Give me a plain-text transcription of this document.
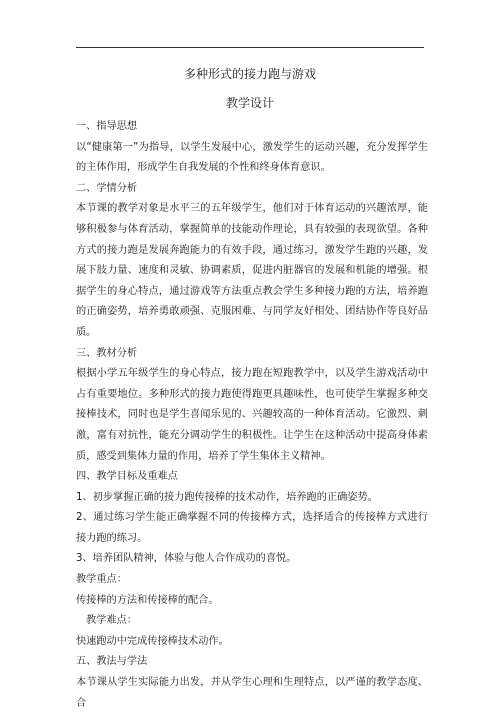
多种形式的接力跑与游戏
教学设计

一、指导思想

以“健康第一”为指导，以学生发展中心，激发学生的运动兴趣，充分发挥学生的主体作用，形成学生自我发展的个性和终身体育意识。

二、学情分析

本节课的教学对象是水平三的五年级学生，他们对于体育运动的兴趣浓厚，能够积极参与体育活动，掌握简单的技能动作理论，具有较强的表现欲望。各种方式的接力跑是发展奔跑能力的有效手段，通过练习，激发学生跑的兴趣，发展下肢力量、速度和灵敏、协调素质，促进内脏器官的发展和机能的增强。根据学生的身心特点，通过游戏等方法重点教会学生多种接力跑的方法，培养跑的正确姿势，培养勇敢顽强、克服困难、与同学友好相处、团结协作等良好品质。

三、教材分析

根据小学五年级学生的身心特点，接力跑在短跑教学中，以及学生游戏活动中占有重要地位。多种形式的接力跑使得跑更具趣味性，也可使学生掌握多种交接棒技术，同时也是学生喜闻乐见的、兴趣较高的一种体育活动。它激烈、刺激，富有对抗性，能充分调动学生的积极性。让学生在这种活动中提高身体素质，感受到集体力量的作用，培养了学生集体主义精神。

四、教学目标及重难点

1、初步掌握正确的接力跑传接棒的技术动作，培养跑的正确姿势。

2、通过练习学生能正确掌握不同的传接棒方式，选择适合的传接棒方式进行接力跑的练习。

3、培养团队精神，体验与他人合作成功的喜悦。

教学重点：

传接棒的方法和传接棒的配合。

教学难点：

快速跑动中完成传接棒技术动作。

五、教法与学法

本节课从学生实际能力出发，并从学生心理和生理特点，以严谨的教学态度、合
